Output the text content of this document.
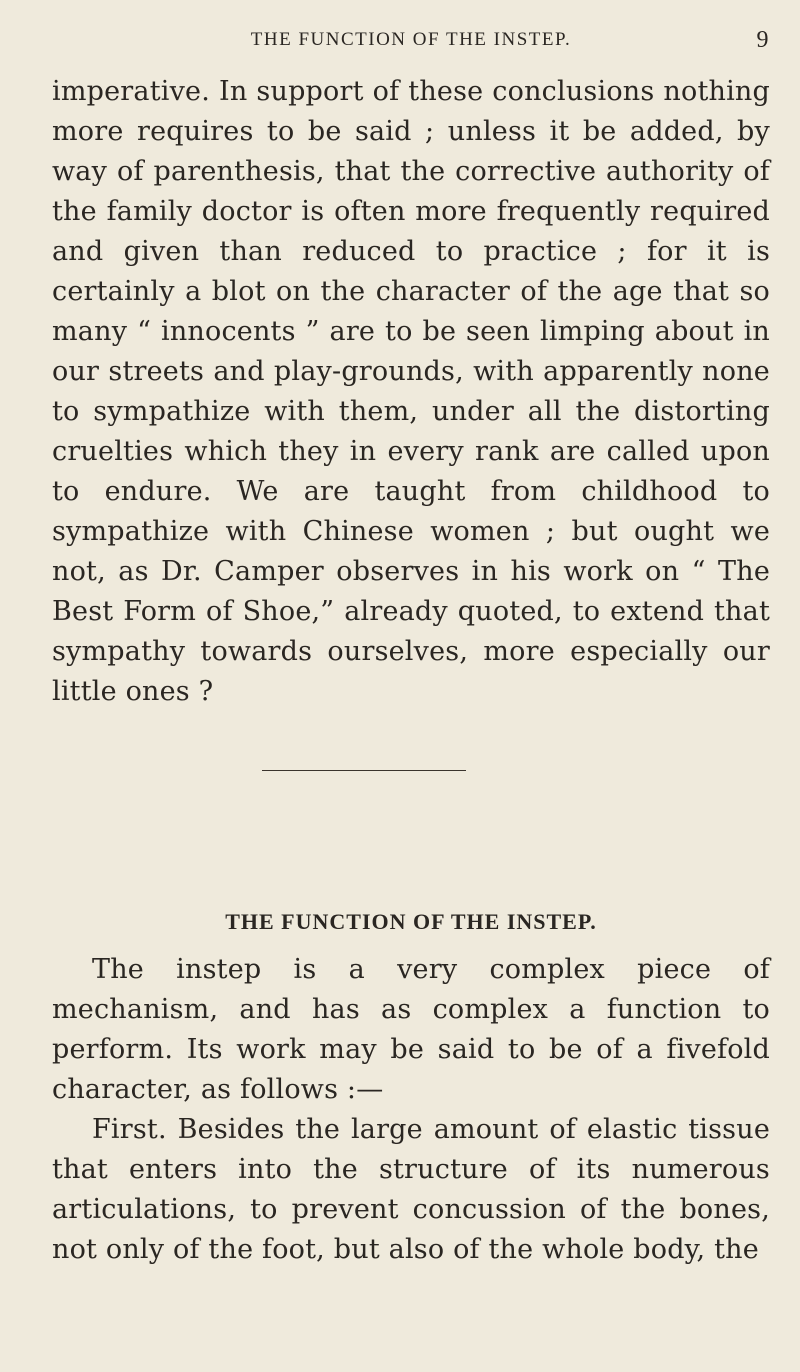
THE FUNCTION OF THE INSTEP.	9

imperative. In support of these conclusions nothing more requires to be said ; unless it be added, by way of parenthesis, that the corrective authority of the family doctor is often more frequently required and given than reduced to practice ; for it is certainly a blot on the character of the age that so many “ innocents ” are to be seen limping about in our streets and play-grounds, with apparently none to sympathize with them, under all the distorting cruelties which they in every rank are called upon to endure. We are taught from childhood to sympathize with Chinese women ; but ought we not, as Dr. Camper observes in his work on “ The Best Form of Shoe,” already quoted, to extend that sympathy towards ourselves, more especially our little ones ?

THE FUNCTION OF THE INSTEP.

The instep is a very complex piece of mechanism, and has as complex a function to perform. Its work may be said to be of a fivefold character, as follows :—

First. Besides the large amount of elastic tissue that enters into the structure of its numerous articulations, to prevent concussion of the bones, not only of the foot, but also of the whole body, the
